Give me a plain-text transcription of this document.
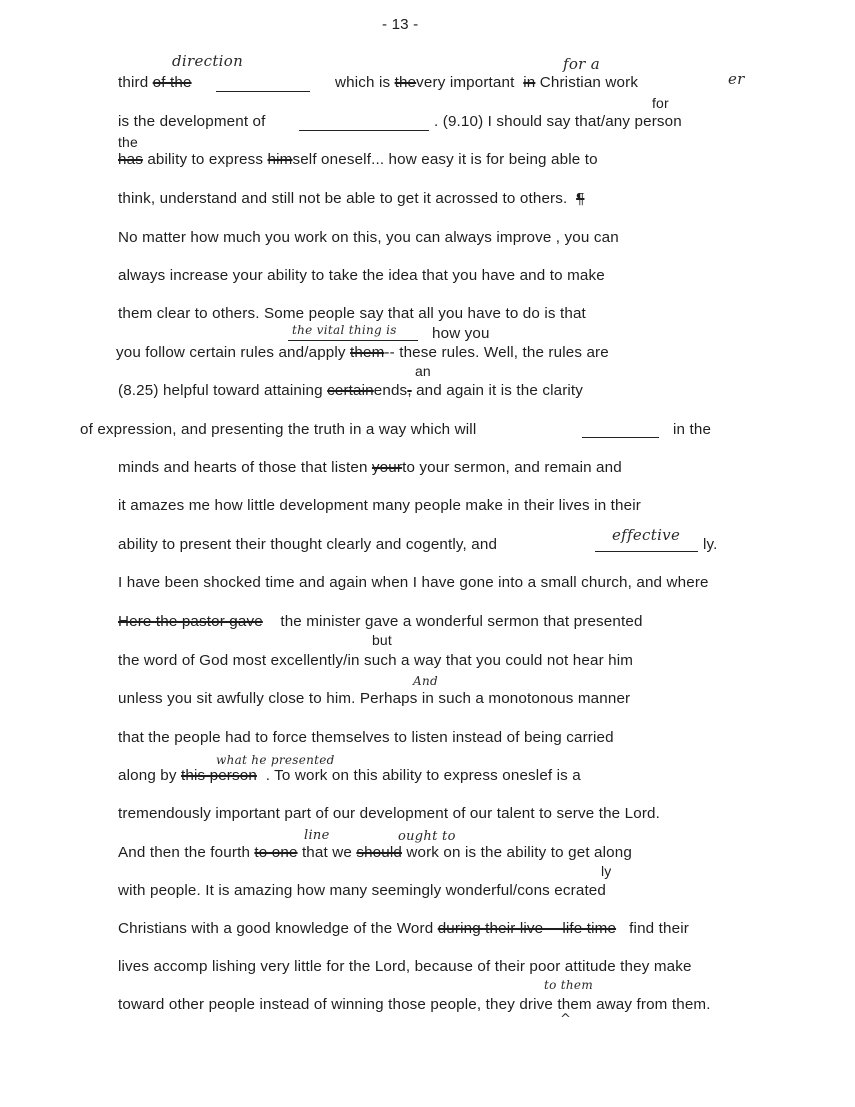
- 13 -
direction	for a
third of the	which is thevery important in Christian work	er
for
is the development of	. (9.10) I should say that/any person
the
has ability to express himself oneself... how easy it is for being able to
think, understand and still not be able to get it acrossed to others. ¶
No matter how much you work on this, you can always improve , you can
always increase your ability to take the idea that you have and to make
them clear to others. Some people say that all you have to do is that
the vital thing is how you
you follow certain rules and/apply them-- these rules. Well, the rules are
an
(8.25) helpful toward attaining certainends, and again it is the clarity
of expression, and presenting the truth in a way which will	in the
minds and hearts of those that listen yourto your sermon, and remain and
it amazes me how little development many people make in their lives in their
ability to present their thought clearly and cogently, and
effective
ly.
I have been shocked time and again when I have gone into a small church, and where
Here the pastor gave the minister gave a wonderful sermon that presented
but
the word of God most excellently/in such a way that you could not hear him
And
unless you sit awfully close to him. Perhaps in such a monotonous manner
that the people had to force themselves to listen instead of being carried
what he presented
along by this person . To work on this ability to express oneslef is a
tremendously important part of our development of our talent to serve the Lord.
line	ought to
And then the fourth to one that we should work on is the ability to get along
ly
with people. It is amazing how many seemingly wonderful/cons ecrated
Christians with a good knowledge of the Word during their live -- life time find their
lives accomp lishing very little for the Lord, because of their poor attitude they make
to them
toward other people instead of winning those people, they drive them away from them.
^
